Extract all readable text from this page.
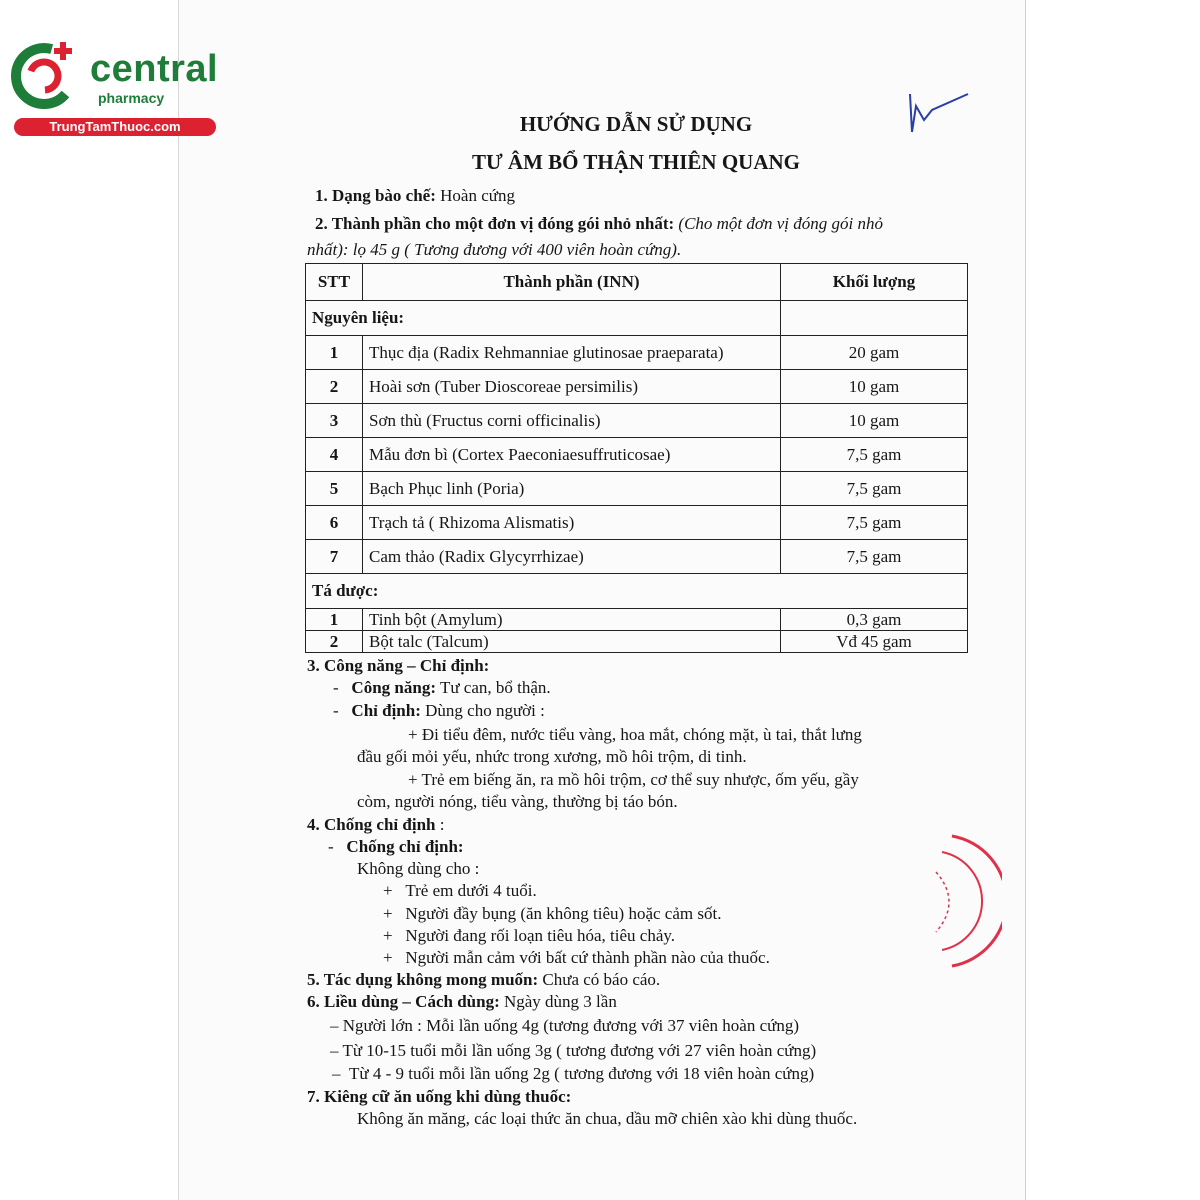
central
pharmacy
TrungTamThuoc.com	HƯỚNG DẪN SỬ DỤNG
TƯ ÂM BỔ THẬN THIÊN QUANG
1. Dạng bào chế: Hoàn cứng
2. Thành phần cho một đơn vị đóng gói nhỏ nhất: (Cho một đơn vị đóng gói nhỏ
nhất): lọ 45 g ( Tương đương với 400 viên hoàn cứng).
STT	Thành phần (INN)	Khối lượng
Nguyên liệu:		
1	Thục địa (Radix Rehmanniae glutinosae praeparata)	20 gam
2	Hoài sơn (Tuber Dioscoreae persimilis)	10 gam
3	Sơn thù (Fructus corni officinalis)	10 gam
4	Mẫu đơn bì (Cortex Paeconiaesuffruticosae)	7,5 gam
5	Bạch Phục linh (Poria)	7,5 gam
6	Trạch tả ( Rhizoma Alismatis)	7,5 gam
7	Cam thảo (Radix Glycyrrhizae)	7,5 gam
Tá dược:		
1	Tinh bột (Amylum)	0,3 gam
2	Bột talc (Talcum)	Vđ 45 gam
3. Công năng – Chỉ định:
-   Công năng: Tư can, bổ thận.
-   Chỉ định: Dùng cho người :
+ Đi tiểu đêm, nước tiểu vàng, hoa mắt, chóng mặt, ù tai, thắt lưng
đầu gối mỏi yếu, nhức trong xương, mồ hôi trộm, di tinh.
+ Trẻ em biếng ăn, ra mồ hôi trộm, cơ thể suy nhược, ốm yếu, gầy
còm, người nóng, tiểu vàng, thường bị táo bón.
4. Chống chỉ định :
-   Chống chỉ định:
Không dùng cho :
+   Trẻ em dưới 4 tuổi.
+   Người đầy bụng (ăn không tiêu) hoặc cảm sốt.
+   Người đang rối loạn tiêu hóa, tiêu chảy.
+   Người mẫn cảm với bất cứ thành phần nào của thuốc.
5. Tác dụng không mong muốn: Chưa có báo cáo.
6. Liều dùng – Cách dùng: Ngày dùng 3 lần
– Người lớn : Mỗi lần uống 4g (tương đương với 37 viên hoàn cứng)
– Từ 10-15 tuổi mỗi lần uống 3g ( tương đương với 27 viên hoàn cứng)
–  Từ 4 - 9 tuổi mỗi lần uống 2g ( tương đương với 18 viên hoàn cứng)
7. Kiêng cữ ăn uống khi dùng thuốc:
Không ăn măng, các loại thức ăn chua, dầu mỡ chiên xào khi dùng thuốc.
